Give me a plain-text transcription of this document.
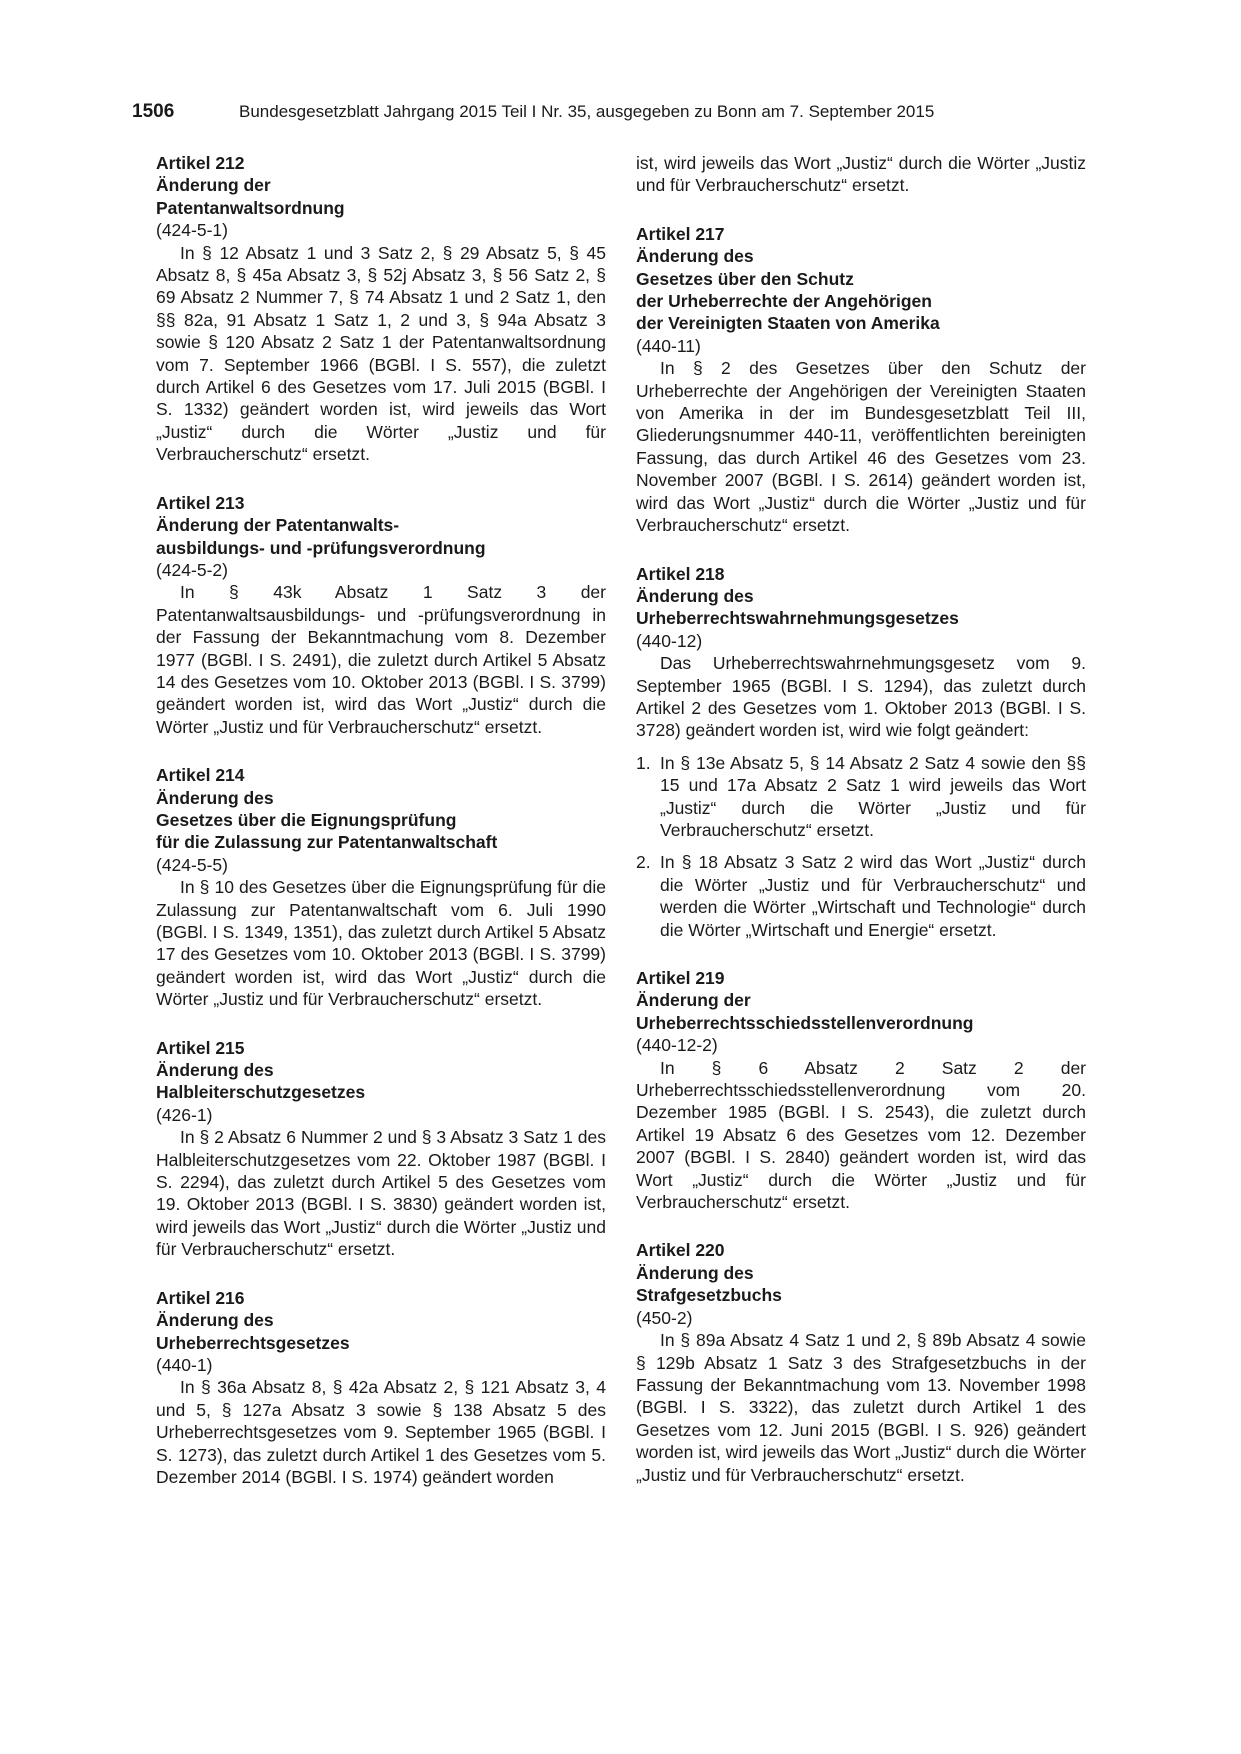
1506	Bundesgesetzblatt Jahrgang 2015 Teil I Nr. 35, ausgegeben zu Bonn am 7. September 2015

Artikel 212

Änderung der
Patentanwaltsordnung

(424-5-1)

In § 12 Absatz 1 und 3 Satz 2, § 29 Absatz 5, § 45 Absatz 8, § 45a Absatz 3, § 52j Absatz 3, § 56 Satz 2, § 69 Absatz 2 Nummer 7, § 74 Absatz 1 und 2 Satz 1, den §§ 82a, 91 Absatz 1 Satz 1, 2 und 3, § 94a Absatz 3 sowie § 120 Absatz 2 Satz 1 der Patentanwaltsordnung vom 7. September 1966 (BGBl. I S. 557), die zuletzt durch Artikel 6 des Gesetzes vom 17. Juli 2015 (BGBl. I S. 1332) geändert worden ist, wird jeweils das Wort „Justiz“ durch die Wörter „Justiz und für Verbraucherschutz“ ersetzt.

Artikel 213

Änderung der Patentanwalts-
ausbildungs- und -prüfungsverordnung

(424-5-2)

In § 43k Absatz 1 Satz 3 der Patentanwaltsausbildungs- und -prüfungsverordnung in der Fassung der Bekanntmachung vom 8. Dezember 1977 (BGBl. I S. 2491), die zuletzt durch Artikel 5 Absatz 14 des Gesetzes vom 10. Oktober 2013 (BGBl. I S. 3799) geändert worden ist, wird das Wort „Justiz“ durch die Wörter „Justiz und für Verbraucherschutz“ ersetzt.

Artikel 214

Änderung des
Gesetzes über die Eignungsprüfung
für die Zulassung zur Patentanwaltschaft

(424-5-5)

In § 10 des Gesetzes über die Eignungsprüfung für die Zulassung zur Patentanwaltschaft vom 6. Juli 1990 (BGBl. I S. 1349, 1351), das zuletzt durch Artikel 5 Absatz 17 des Gesetzes vom 10. Oktober 2013 (BGBl. I S. 3799) geändert worden ist, wird das Wort „Justiz“ durch die Wörter „Justiz und für Verbraucherschutz“ ersetzt.

Artikel 215

Änderung des
Halbleiterschutzgesetzes

(426-1)

In § 2 Absatz 6 Nummer 2 und § 3 Absatz 3 Satz 1 des Halbleiterschutzgesetzes vom 22. Oktober 1987 (BGBl. I S. 2294), das zuletzt durch Artikel 5 des Gesetzes vom 19. Oktober 2013 (BGBl. I S. 3830) geändert worden ist, wird jeweils das Wort „Justiz“ durch die Wörter „Justiz und für Verbraucherschutz“ ersetzt.

Artikel 216

Änderung des
Urheberrechtsgesetzes

(440-1)

In § 36a Absatz 8, § 42a Absatz 2, § 121 Absatz 3, 4 und 5, § 127a Absatz 3 sowie § 138 Absatz 5 des Urheberrechtsgesetzes vom 9. September 1965 (BGBl. I S. 1273), das zuletzt durch Artikel 1 des Gesetzes vom 5. Dezember 2014 (BGBl. I S. 1974) geändert worden

ist, wird jeweils das Wort „Justiz“ durch die Wörter „Justiz und für Verbraucherschutz“ ersetzt.

Artikel 217

Änderung des
Gesetzes über den Schutz
der Urheberrechte der Angehörigen
der Vereinigten Staaten von Amerika

(440-11)

In § 2 des Gesetzes über den Schutz der Urheberrechte der Angehörigen der Vereinigten Staaten von Amerika in der im Bundesgesetzblatt Teil III, Gliederungsnummer 440-11, veröffentlichten bereinigten Fassung, das durch Artikel 46 des Gesetzes vom 23. November 2007 (BGBl. I S. 2614) geändert worden ist, wird das Wort „Justiz“ durch die Wörter „Justiz und für Verbraucherschutz“ ersetzt.

Artikel 218

Änderung des
Urheberrechtswahrnehmungsgesetzes

(440-12)

Das Urheberrechtswahrnehmungsgesetz vom 9. September 1965 (BGBl. I S. 1294), das zuletzt durch Artikel 2 des Gesetzes vom 1. Oktober 2013 (BGBl. I S. 3728) geändert worden ist, wird wie folgt geändert:

1. In § 13e Absatz 5, § 14 Absatz 2 Satz 4 sowie den §§ 15 und 17a Absatz 2 Satz 1 wird jeweils das Wort „Justiz“ durch die Wörter „Justiz und für Verbraucherschutz“ ersetzt.
2. In § 18 Absatz 3 Satz 2 wird das Wort „Justiz“ durch die Wörter „Justiz und für Verbraucherschutz“ und werden die Wörter „Wirtschaft und Technologie“ durch die Wörter „Wirtschaft und Energie“ ersetzt.

Artikel 219

Änderung der
Urheberrechtsschiedsstellenverordnung

(440-12-2)

In § 6 Absatz 2 Satz 2 der Urheberrechtsschiedsstellenverordnung vom 20. Dezember 1985 (BGBl. I S. 2543), die zuletzt durch Artikel 19 Absatz 6 des Gesetzes vom 12. Dezember 2007 (BGBl. I S. 2840) geändert worden ist, wird das Wort „Justiz“ durch die Wörter „Justiz und für Verbraucherschutz“ ersetzt.

Artikel 220

Änderung des
Strafgesetzbuchs

(450-2)

In § 89a Absatz 4 Satz 1 und 2, § 89b Absatz 4 sowie § 129b Absatz 1 Satz 3 des Strafgesetzbuchs in der Fassung der Bekanntmachung vom 13. November 1998 (BGBl. I S. 3322), das zuletzt durch Artikel 1 des Gesetzes vom 12. Juni 2015 (BGBl. I S. 926) geändert worden ist, wird jeweils das Wort „Justiz“ durch die Wörter „Justiz und für Verbraucherschutz“ ersetzt.
